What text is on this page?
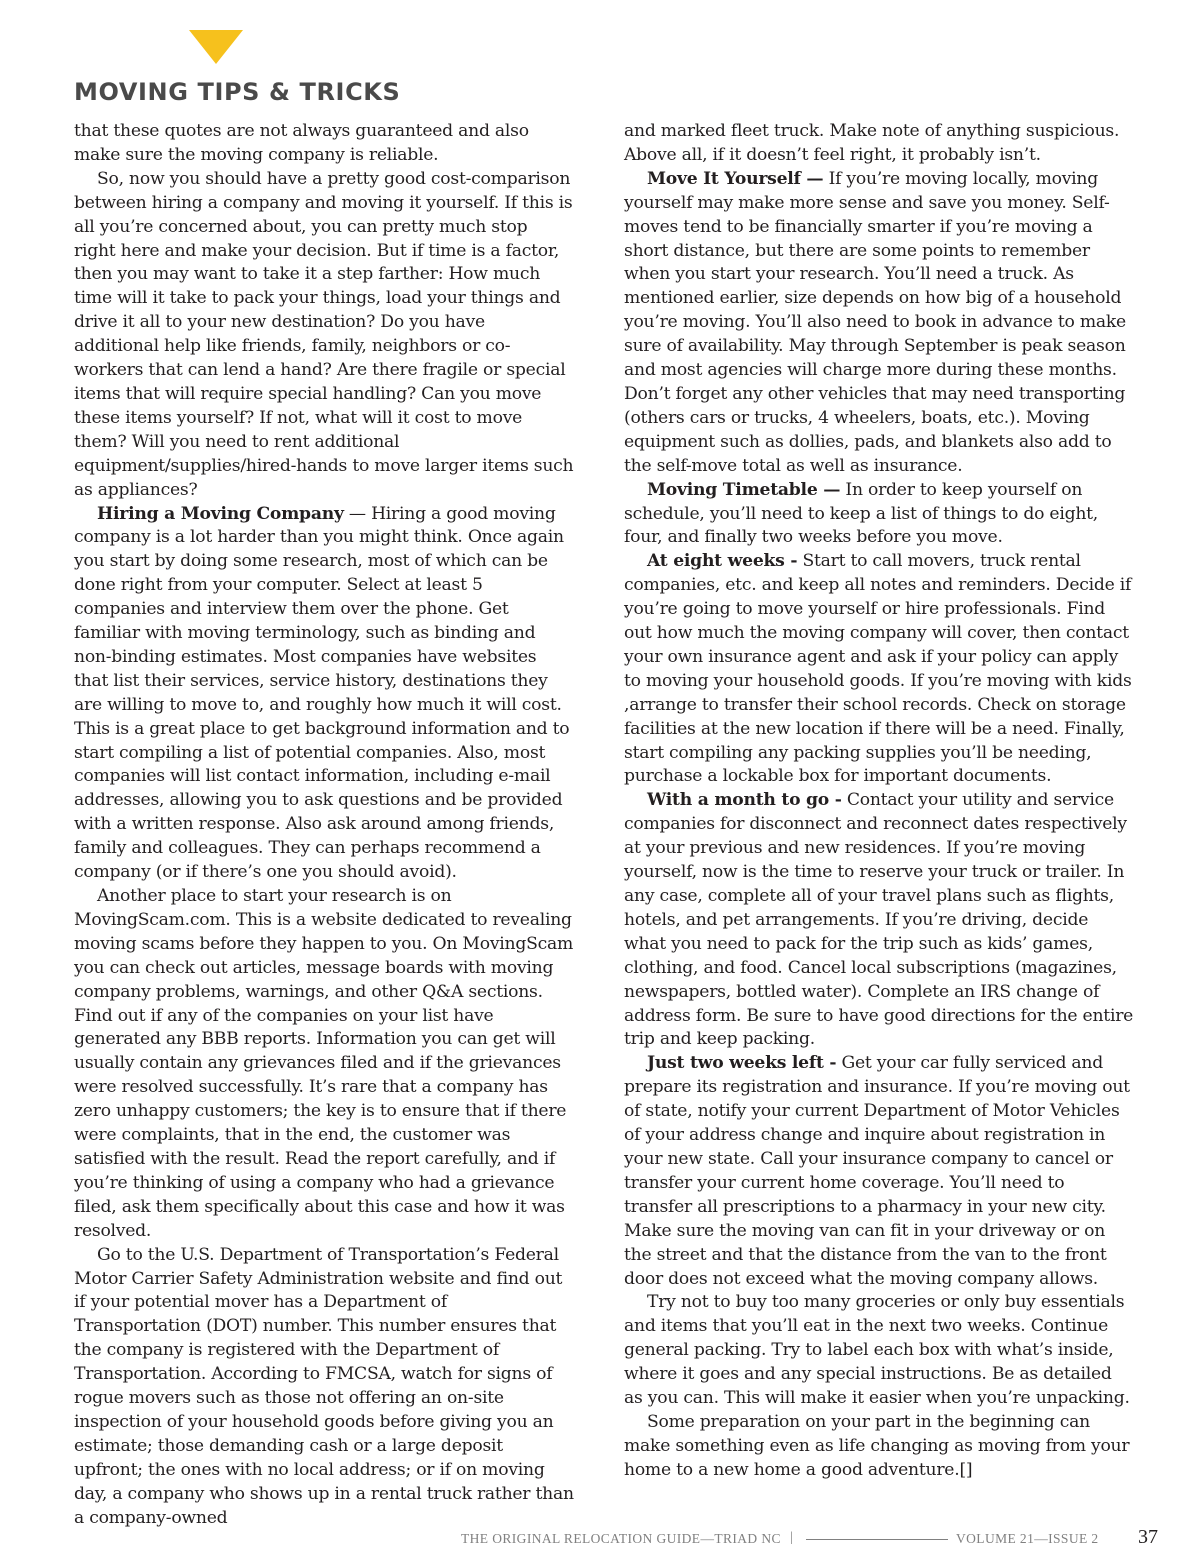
MOVING TIPS & TRICKS

that these quotes are not always guaranteed and also make sure the moving company is reliable.

So, now you should have a pretty good cost-comparison between hiring a company and moving it yourself. If this is all you’re concerned about, you can pretty much stop right here and make your decision. But if time is a factor, then you may want to take it a step farther: How much time will it take to pack your things, load your things and drive it all to your new destination? Do you have additional help like friends, family, neighbors or co-workers that can lend a hand? Are there fragile or special items that will require special handling? Can you move these items yourself? If not, what will it cost to move them? Will you need to rent additional equipment/supplies/hired-hands to move larger items such as appliances?

Hiring a Moving Company — Hiring a good moving company is a lot harder than you might think. Once again you start by doing some research, most of which can be done right from your computer. Select at least 5 companies and interview them over the phone. Get familiar with moving terminology, such as binding and non-binding estimates. Most companies have websites that list their services, service history, destinations they are willing to move to, and roughly how much it will cost. This is a great place to get background information and to start compiling a list of potential companies. Also, most companies will list contact information, including e-mail addresses, allowing you to ask questions and be provided with a written response. Also ask around among friends, family and colleagues. They can perhaps recommend a company (or if there’s one you should avoid).

Another place to start your research is on MovingScam.com. This is a website dedicated to revealing moving scams before they happen to you. On MovingScam you can check out articles, message boards with moving company problems, warnings, and other Q&A sections. Find out if any of the companies on your list have generated any BBB reports. Information you can get will usually contain any grievances filed and if the grievances were resolved successfully. It’s rare that a company has zero unhappy customers; the key is to ensure that if there were complaints, that in the end, the customer was satisfied with the result. Read the report carefully, and if you’re thinking of using a company who had a grievance filed, ask them specifically about this case and how it was resolved.

Go to the U.S. Department of Transportation’s Federal Motor Carrier Safety Administration website and find out if your potential mover has a Department of Transportation (DOT) number. This number ensures that the company is registered with the Department of Transportation. According to FMCSA, watch for signs of rogue movers such as those not offering an on-site inspection of your household goods before giving you an estimate; those demanding cash or a large deposit upfront; the ones with no local address; or if on moving day, a company who shows up in a rental truck rather than a company-owned

and marked fleet truck. Make note of anything suspicious. Above all, if it doesn’t feel right, it probably isn’t.

Move It Yourself — If you’re moving locally, moving yourself may make more sense and save you money. Self-moves tend to be financially smarter if you’re moving a short distance, but there are some points to remember when you start your research. You’ll need a truck. As mentioned earlier, size depends on how big of a household you’re moving. You’ll also need to book in advance to make sure of availability. May through September is peak season and most agencies will charge more during these months. Don’t forget any other vehicles that may need transporting (others cars or trucks, 4 wheelers, boats, etc.). Moving equipment such as dollies, pads, and blankets also add to the self-move total as well as insurance.

Moving Timetable — In order to keep yourself on schedule, you’ll need to keep a list of things to do eight, four, and finally two weeks before you move.

At eight weeks - Start to call movers, truck rental companies, etc. and keep all notes and reminders. Decide if you’re going to move yourself or hire professionals. Find out how much the moving company will cover, then contact your own insurance agent and ask if your policy can apply to moving your household goods. If you’re moving with kids ,arrange to transfer their school records. Check on storage facilities at the new location if there will be a need. Finally, start compiling any packing supplies you’ll be needing, purchase a lockable box for important documents.

With a month to go - Contact your utility and service companies for disconnect and reconnect dates respectively at your previous and new residences. If you’re moving yourself, now is the time to reserve your truck or trailer. In any case, complete all of your travel plans such as flights, hotels, and pet arrangements. If you’re driving, decide what you need to pack for the trip such as kids’ games, clothing, and food. Cancel local subscriptions (magazines, newspapers, bottled water). Complete an IRS change of address form. Be sure to have good directions for the entire trip and keep packing.

Just two weeks left - Get your car fully serviced and prepare its registration and insurance. If you’re moving out of state, notify your current Department of Motor Vehicles of your address change and inquire about registration in your new state. Call your insurance company to cancel or transfer your current home coverage. You’ll need to transfer all prescriptions to a pharmacy in your new city. Make sure the moving van can fit in your driveway or on the street and that the distance from the van to the front door does not exceed what the moving company allows.

Try not to buy too many groceries or only buy essentials and items that you’ll eat in the next two weeks. Continue general packing. Try to label each box with what’s inside, where it goes and any special instructions. Be as detailed as you can. This will make it easier when you’re unpacking.

Some preparation on your part in the beginning can make something even as life changing as moving from your home to a new home a good adventure.[]

THE ORIGINAL RELOCATION GUIDE—TRIAD NC |	VOLUME 21—ISSUE 2 37
